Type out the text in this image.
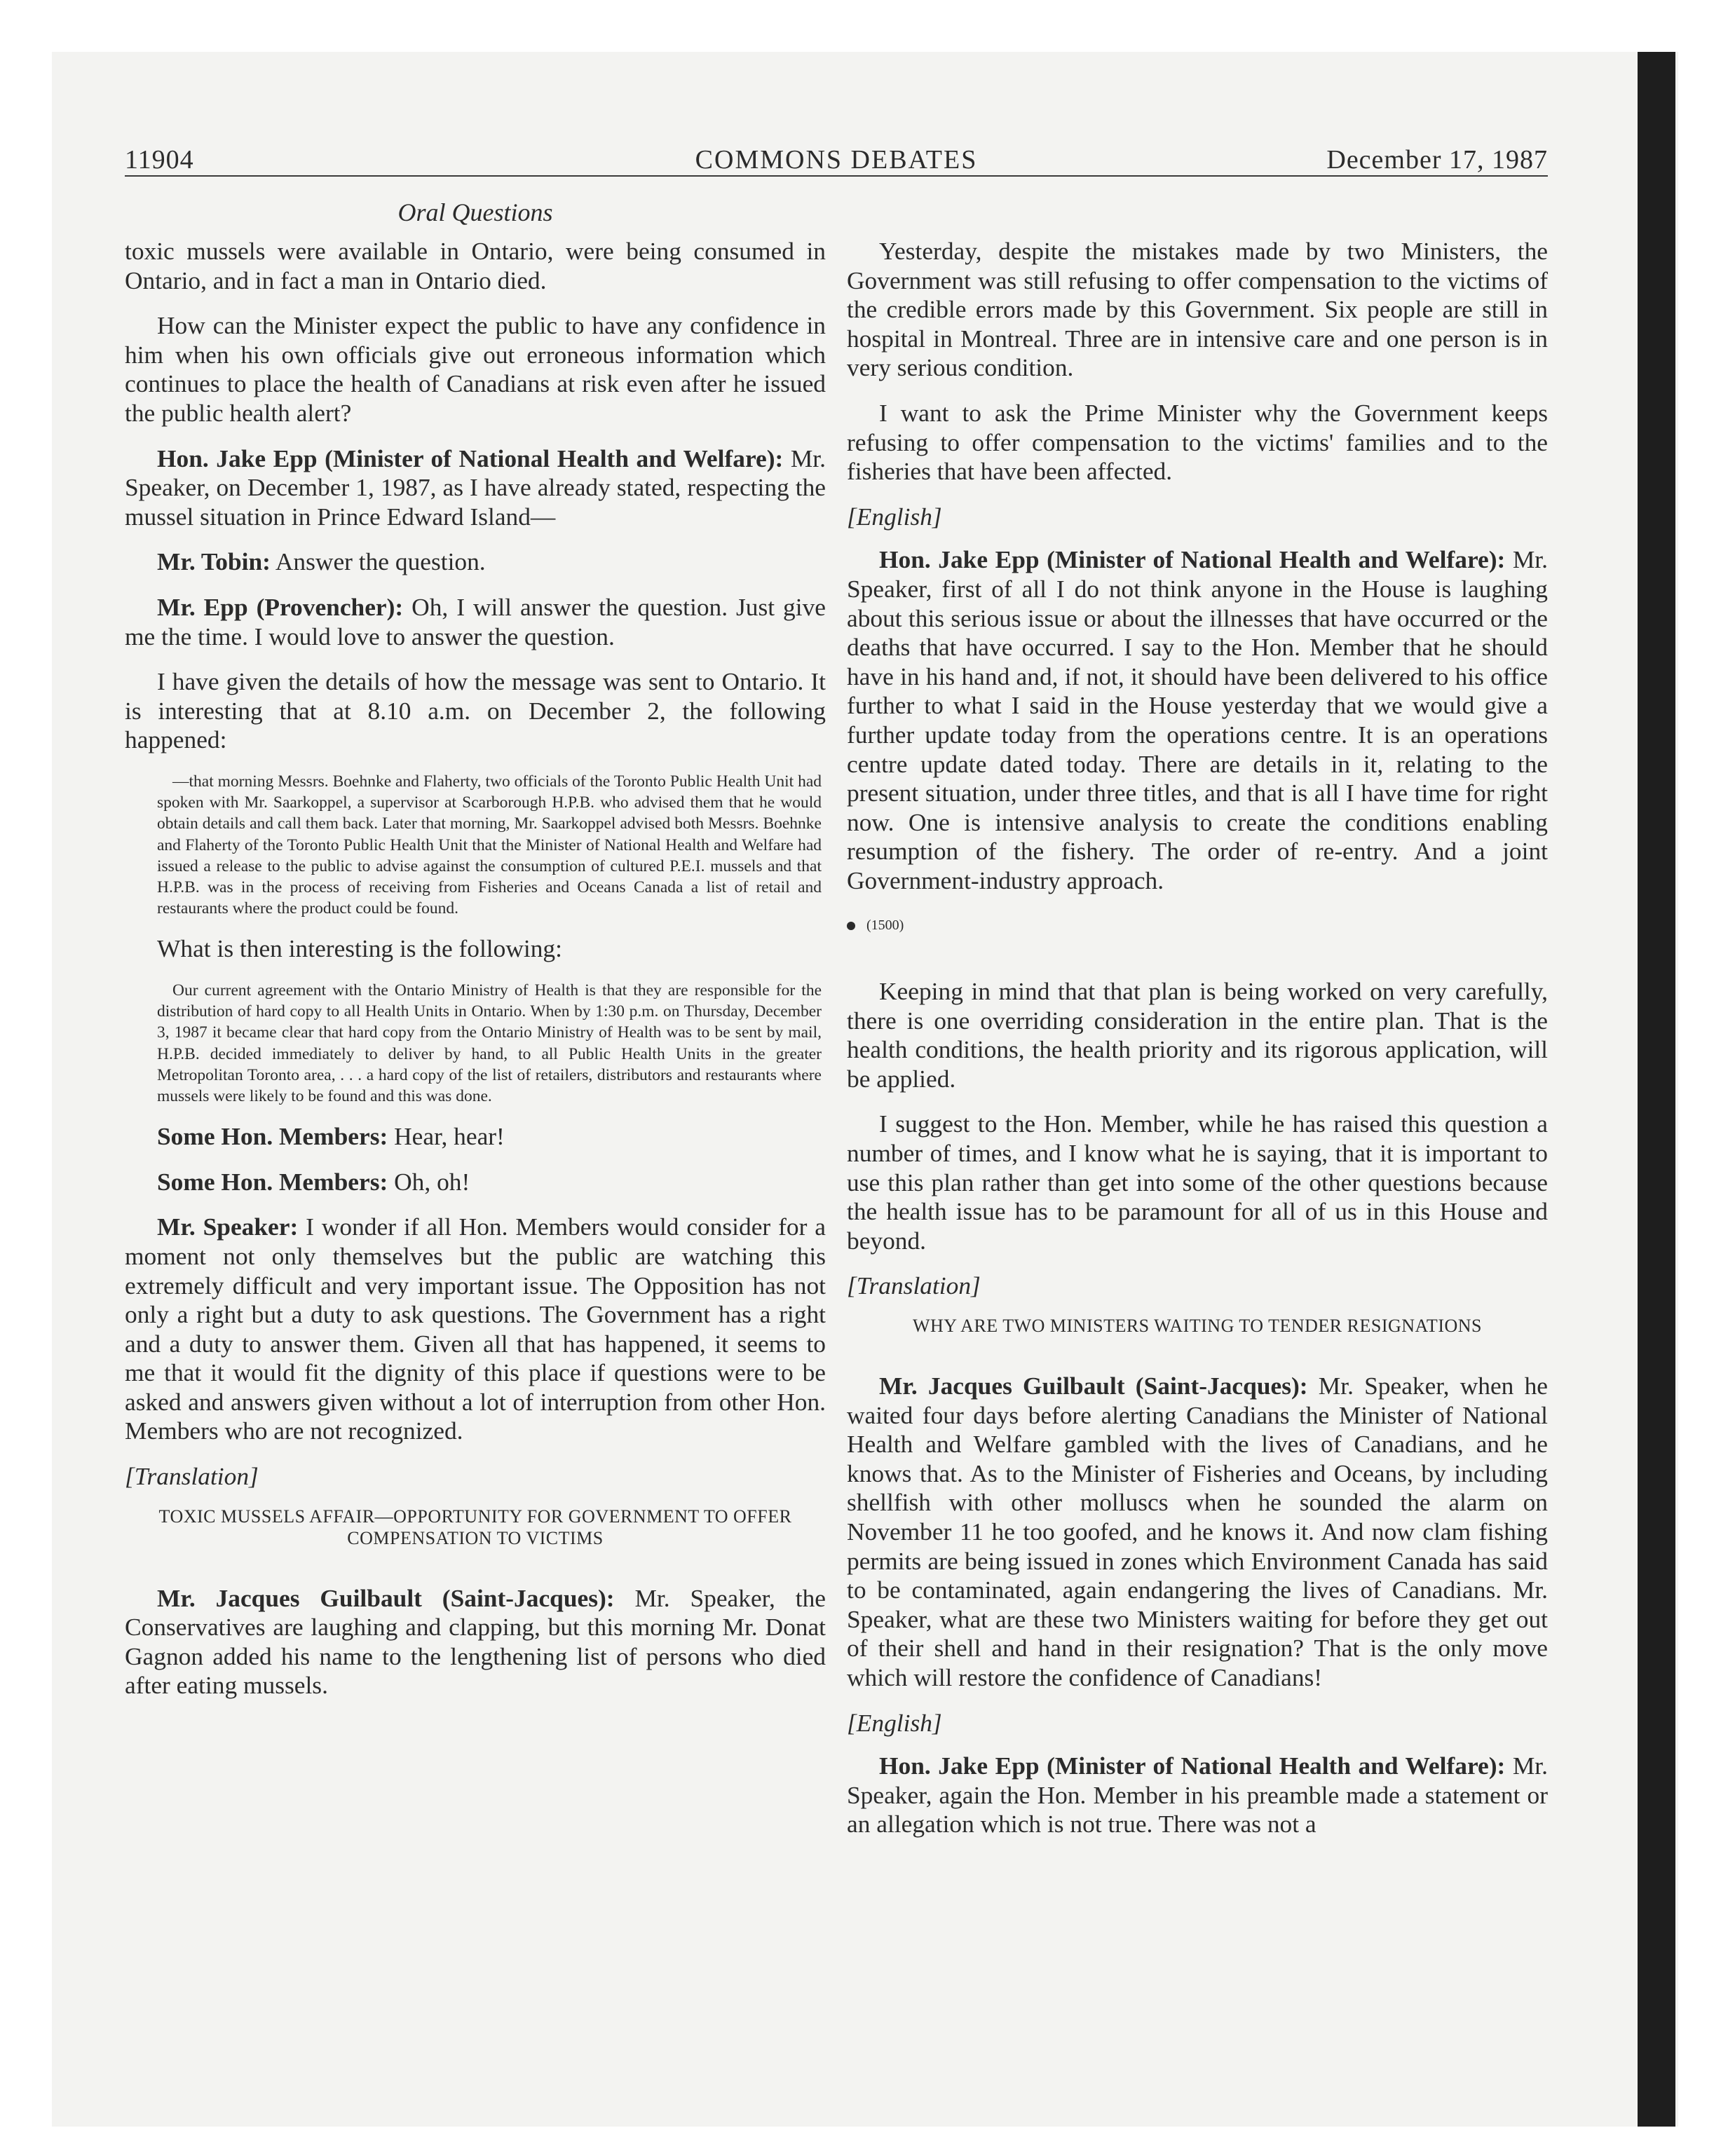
11904	COMMONS DEBATES	December 17, 1987
Oral Questions

toxic mussels were available in Ontario, were being consumed in Ontario, and in fact a man in Ontario died.

How can the Minister expect the public to have any confidence in him when his own officials give out erroneous information which continues to place the health of Canadians at risk even after he issued the public health alert?

Hon. Jake Epp (Minister of National Health and Welfare): Mr. Speaker, on December 1, 1987, as I have already stated, respecting the mussel situation in Prince Edward Island—

Mr. Tobin: Answer the question.

Mr. Epp (Provencher): Oh, I will answer the question. Just give me the time. I would love to answer the question.

I have given the details of how the message was sent to Ontario. It is interesting that at 8.10 a.m. on December 2, the following happened:

—that morning Messrs. Boehnke and Flaherty, two officials of the Toronto Public Health Unit had spoken with Mr. Saarkoppel, a supervisor at Scarborough H.P.B. who advised them that he would obtain details and call them back. Later that morning, Mr. Saarkoppel advised both Messrs. Boehnke and Flaherty of the Toronto Public Health Unit that the Minister of National Health and Welfare had issued a release to the public to advise against the consumption of cultured P.E.I. mussels and that H.P.B. was in the process of receiving from Fisheries and Oceans Canada a list of retail and restaurants where the product could be found.

What is then interesting is the following:

Our current agreement with the Ontario Ministry of Health is that they are responsible for the distribution of hard copy to all Health Units in Ontario. When by 1:30 p.m. on Thursday, December 3, 1987 it became clear that hard copy from the Ontario Ministry of Health was to be sent by mail, H.P.B. decided immediately to deliver by hand, to all Public Health Units in the greater Metropolitan Toronto area, . . . a hard copy of the list of retailers, distributors and restaurants where mussels were likely to be found and this was done.

Some Hon. Members: Hear, hear!

Some Hon. Members: Oh, oh!

Mr. Speaker: I wonder if all Hon. Members would consider for a moment not only themselves but the public are watching this extremely difficult and very important issue. The Opposition has not only a right but a duty to ask questions. The Government has a right and a duty to answer them. Given all that has happened, it seems to me that it would fit the dignity of this place if questions were to be asked and answers given without a lot of interruption from other Hon. Members who are not recognized.

[Translation]

TOXIC MUSSELS AFFAIR—OPPORTUNITY FOR GOVERNMENT TO OFFER COMPENSATION TO VICTIMS

Mr. Jacques Guilbault (Saint-Jacques): Mr. Speaker, the Conservatives are laughing and clapping, but this morning Mr. Donat Gagnon added his name to the lengthening list of persons who died after eating mussels.

Yesterday, despite the mistakes made by two Ministers, the Government was still refusing to offer compensation to the victims of the credible errors made by this Government. Six people are still in hospital in Montreal. Three are in intensive care and one person is in very serious condition.

I want to ask the Prime Minister why the Government keeps refusing to offer compensation to the victims' families and to the fisheries that have been affected.

[English]

Hon. Jake Epp (Minister of National Health and Welfare): Mr. Speaker, first of all I do not think anyone in the House is laughing about this serious issue or about the illnesses that have occurred or the deaths that have occurred. I say to the Hon. Member that he should have in his hand and, if not, it should have been delivered to his office further to what I said in the House yesterday that we would give a further update today from the operations centre. It is an operations centre update dated today. There are details in it, relating to the present situation, under three titles, and that is all I have time for right now. One is intensive analysis to create the conditions enabling resumption of the fishery. The order of re-entry. And a joint Government-industry approach.

(1500)

Keeping in mind that that plan is being worked on very carefully, there is one overriding consideration in the entire plan. That is the health conditions, the health priority and its rigorous application, will be applied.

I suggest to the Hon. Member, while he has raised this question a number of times, and I know what he is saying, that it is important to use this plan rather than get into some of the other questions because the health issue has to be paramount for all of us in this House and beyond.

[Translation]

WHY ARE TWO MINISTERS WAITING TO TENDER RESIGNATIONS

Mr. Jacques Guilbault (Saint-Jacques): Mr. Speaker, when he waited four days before alerting Canadians the Minister of National Health and Welfare gambled with the lives of Canadians, and he knows that. As to the Minister of Fisheries and Oceans, by including shellfish with other molluscs when he sounded the alarm on November 11 he too goofed, and he knows it. And now clam fishing permits are being issued in zones which Environment Canada has said to be contaminated, again endangering the lives of Canadians. Mr. Speaker, what are these two Ministers waiting for before they get out of their shell and hand in their resignation? That is the only move which will restore the confidence of Canadians!

[English]

Hon. Jake Epp (Minister of National Health and Welfare): Mr. Speaker, again the Hon. Member in his preamble made a statement or an allegation which is not true. There was not a
